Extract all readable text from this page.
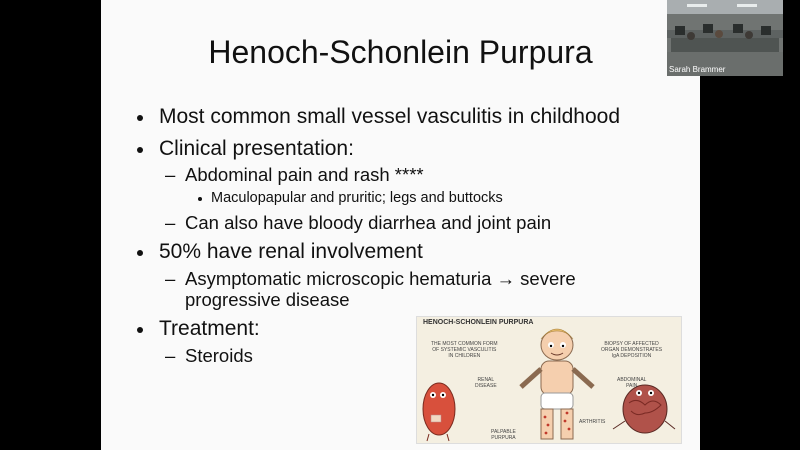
Henoch-Schonlein Purpura
Most common small vessel vasculitis in childhood
Clinical presentation:
– Abdominal pain and rash ****
Maculopapular and pruritic; legs and buttocks
– Can also have bloody diarrhea and joint pain
50% have renal involvement
– Asymptomatic microscopic hematuria → severe
progressive disease
Treatment:
– Steroids
HENOCH-SCHONLEIN PURPURA
THE MOST COMMON FORM
OF SYSTEMIC VASCULITIS
IN CHILDREN
BIOPSY OF AFFECTED
ORGAN DEMONSTRATES
IgA DEPOSITION
RENAL
DISEASE
ABDOMINAL
PAIN
ARTHRITIS
PALPABLE
PURPURA
Sarah Brammer
